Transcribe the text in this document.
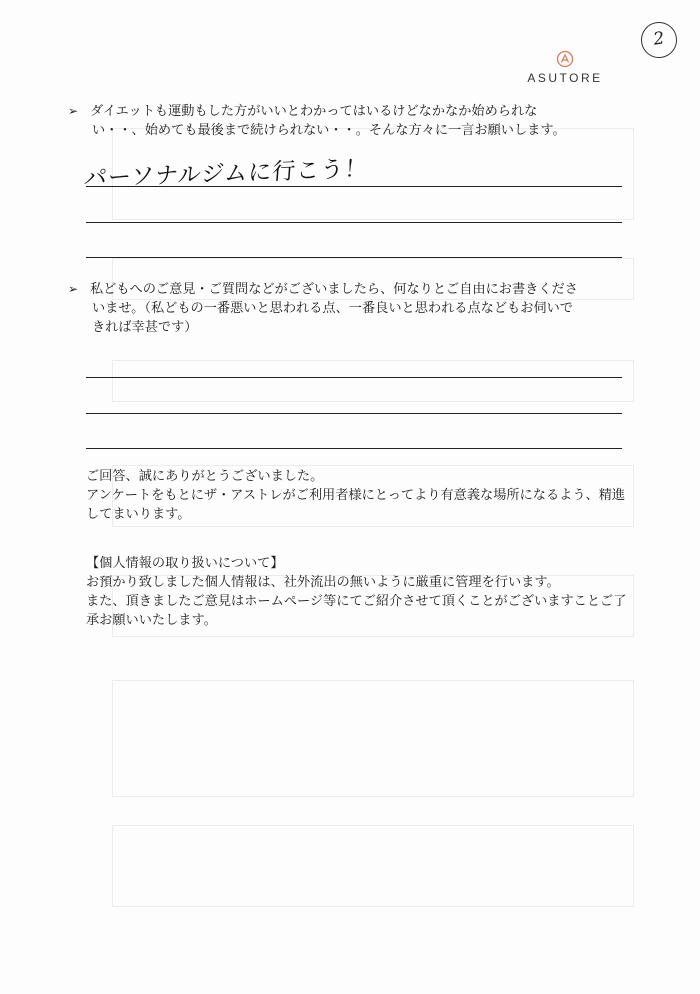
2
ASUTORE
➢ ダイエットも運動もした方がいいとわかってはいるけどなかなか始められな
い・・、始めても最後まで続けられない・・。そんな方々に一言お願いします。
パーソナルジムに行こう！
➢ 私どもへのご意見・ご質問などがございましたら、何なりとご自由にお書きくださ
いませ。（私どもの一番悪いと思われる点、一番良いと思われる点などもお伺いで
きれば幸甚です）
ご回答、誠にありがとうございました。
アンケートをもとにザ・アストレがご利用者様にとってより有意義な場所になるよう、精進
してまいります。
【個人情報の取り扱いについて】
お預かり致しました個人情報は、社外流出の無いように厳重に管理を行います。
また、頂きましたご意見はホームページ等にてご紹介させて頂くことがございますことご了
承お願いいたします。
